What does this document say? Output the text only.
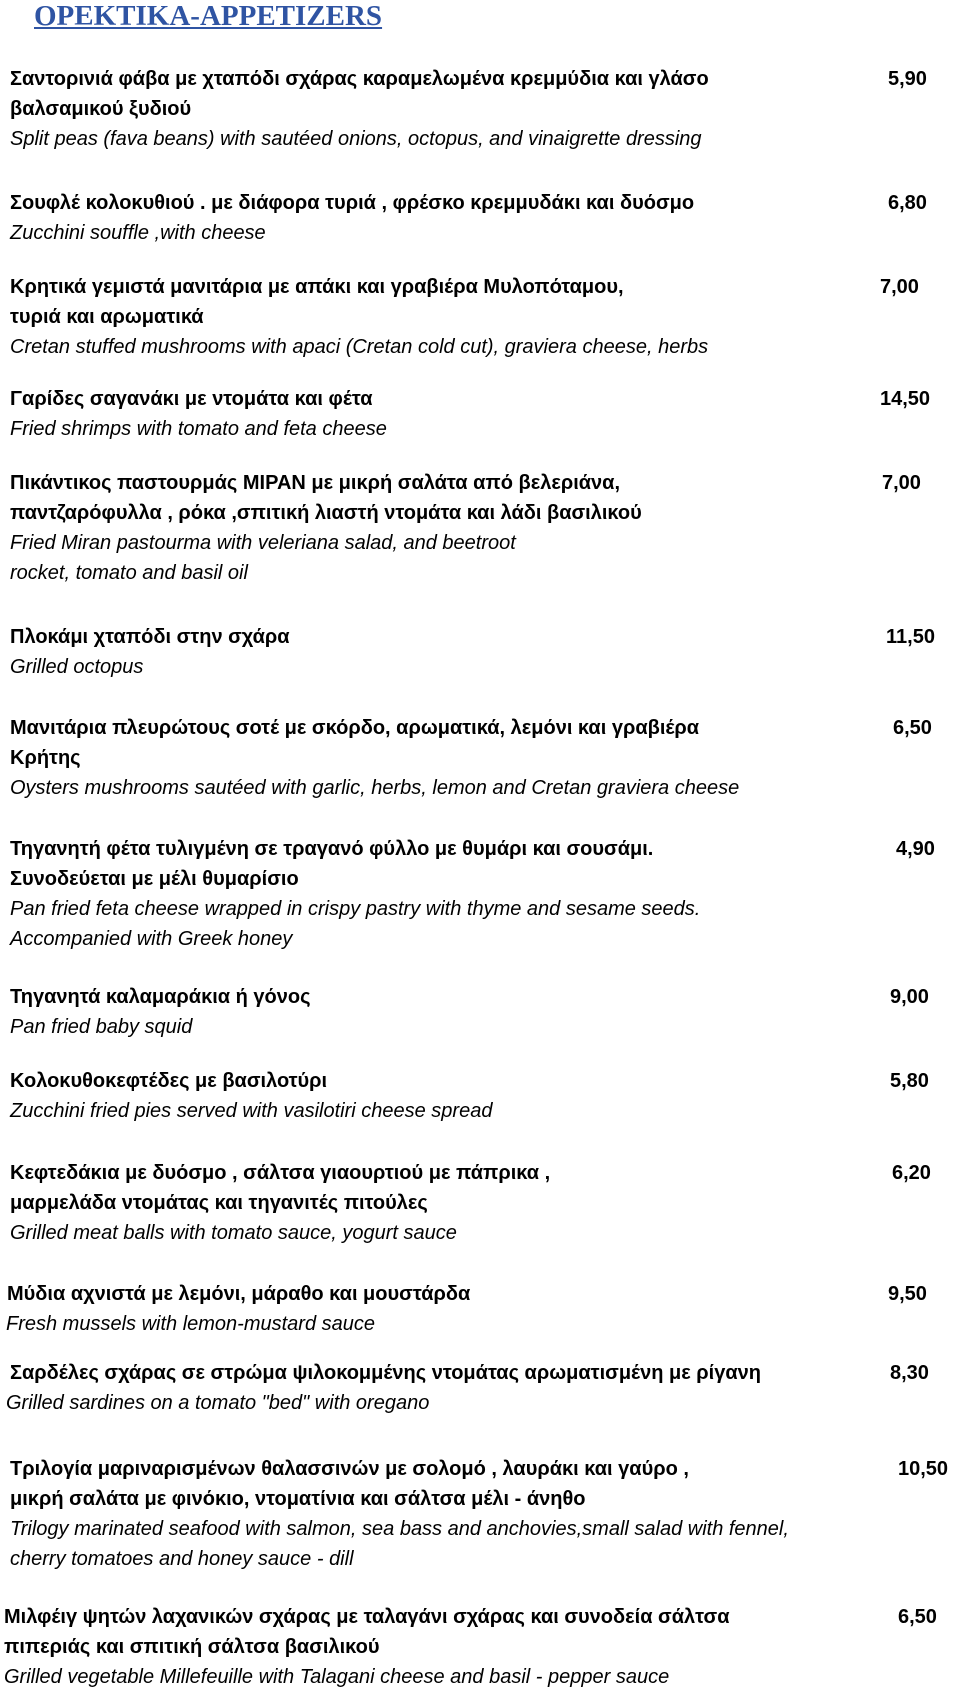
ΟΡΕΚΤΙΚΑ-APPETIZERS
Σαντορινιά φάβα με χταπόδι σχάρας καραμελωμένα κρεμμύδια και γλάσο
βαλσαμικού ξυδιού
Split peas (fava beans) with sautéed onions, octopus, and vinaigrette dressing
5,90
Σουφλέ κολοκυθιού . με διάφορα τυριά , φρέσκο κρεμμυδάκι και δυόσμο
Zucchini souffle ,with cheese
6,80
Κρητικά γεμιστά μανιτάρια με απάκι και γραβιέρα Μυλοπόταμου,
τυριά και αρωματικά
Cretan stuffed mushrooms with apaci (Cretan cold cut), graviera cheese, herbs
7,00
Γαρίδες σαγανάκι με ντομάτα και φέτα
Fried shrimps with tomato and feta cheese
14,50
Πικάντικος παστουρμάς ΜΙΡΑΝ με μικρή σαλάτα από βελεριάνα,
παντζαρόφυλλα , ρόκα ,σπιτική λιαστή ντομάτα και λάδι βασιλικού
Fried Miran pastourma with veleriana salad, and beetroot
rocket, tomato and basil oil
7,00
Πλοκάμι χταπόδι στην σχάρα
Grilled octopus
11,50
Μανιτάρια πλευρώτους σοτέ με σκόρδο, αρωματικά, λεμόνι και γραβιέρα
Κρήτης
Oysters mushrooms sautéed with garlic, herbs, lemon and Cretan graviera cheese
6,50
Τηγανητή φέτα τυλιγμένη σε τραγανό φύλλο με θυμάρι και σουσάμι.
Συνοδεύεται με μέλι θυμαρίσιο
Pan fried feta cheese wrapped in crispy pastry with thyme and sesame seeds.
Accompanied with Greek honey
4,90
Τηγανητά καλαμαράκια ή γόνος
Pan fried baby squid
9,00
Κολοκυθοκεφτέδες με βασιλοτύρι
Zucchini fried pies served with vasilotiri cheese spread
5,80
Κεφτεδάκια με δυόσμο , σάλτσα γιαουρτιού με πάπρικα ,
μαρμελάδα ντομάτας και τηγανιτές πιτούλες
Grilled meat balls with tomato sauce, yogurt sauce
6,20
Μύδια αχνιστά με λεμόνι, μάραθο και μουστάρδα
Fresh mussels with lemon-mustard sauce
9,50
Σαρδέλες σχάρας σε στρώμα ψιλοκομμένης ντομάτας αρωματισμένη με ρίγανη
Grilled sardines on a tomato "bed" with oregano
8,30
Τριλογία μαριναρισμένων θαλασσινών με σολομό , λαυράκι και γαύρο ,
μικρή σαλάτα με φινόκιο, ντοματίνια και σάλτσα μέλι - άνηθο
Trilogy marinated seafood with salmon, sea bass and anchovies,small salad with fennel,
cherry tomatoes and honey sauce - dill
10,50
Μιλφέιγ ψητών λαχανικών σχάρας με ταλαγάνι σχάρας και συνοδεία σάλτσα
πιπεριάς και σπιτική σάλτσα βασιλικού
Grilled vegetable Millefeuille with Talagani cheese and basil - pepper sauce
6,50
